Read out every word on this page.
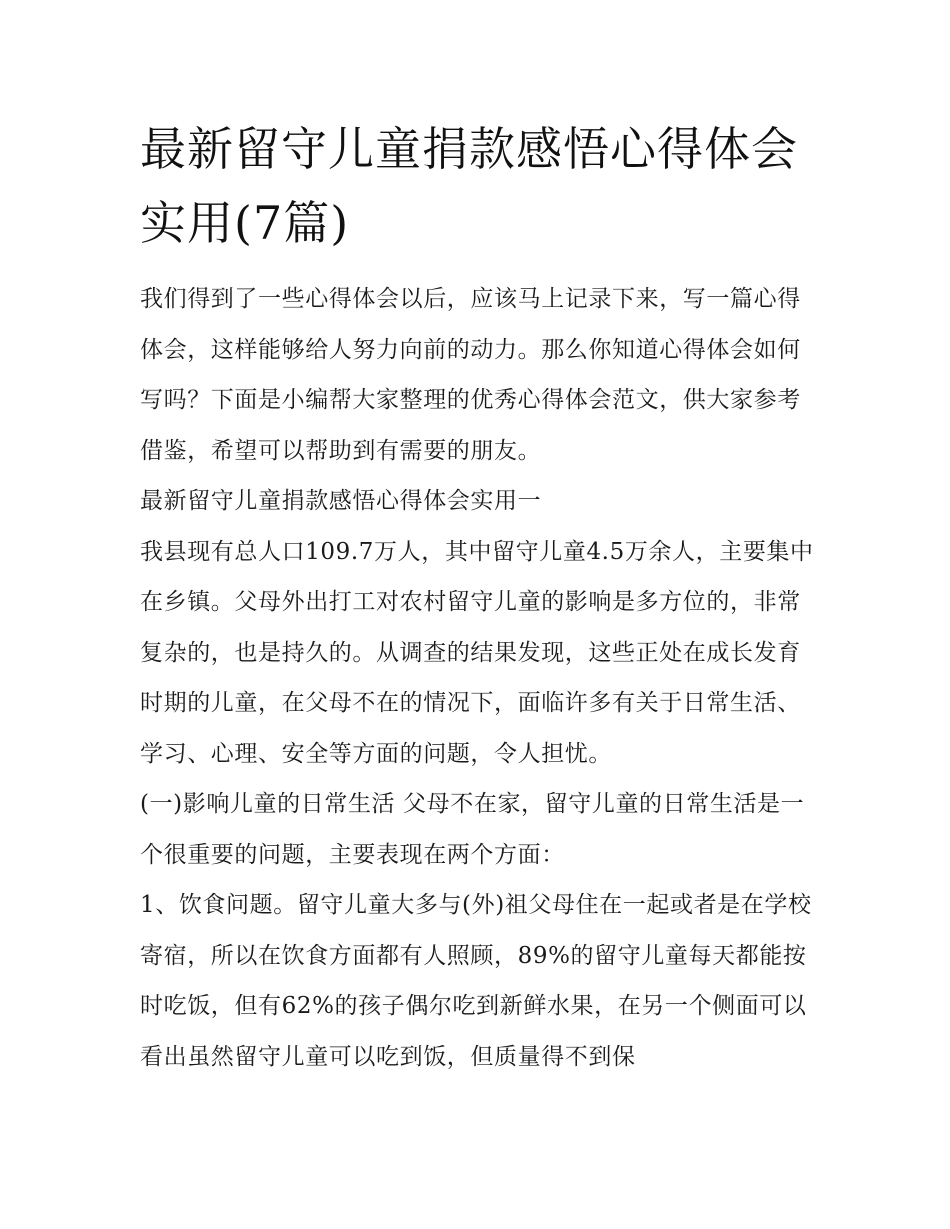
最新留守儿童捐款感悟心得体会实用(7篇)

我们得到了一些心得体会以后，应该马上记录下来，写一篇心得体会，这样能够给人努力向前的动力。那么你知道心得体会如何写吗？下面是小编帮大家整理的优秀心得体会范文，供大家参考借鉴，希望可以帮助到有需要的朋友。

最新留守儿童捐款感悟心得体会实用一

我县现有总人口109.7万人，其中留守儿童4.5万余人，主要集中在乡镇。父母外出打工对农村留守儿童的影响是多方位的，非常复杂的，也是持久的。从调查的结果发现，这些正处在成长发育时期的儿童，在父母不在的情况下，面临许多有关于日常生活、学习、心理、安全等方面的问题，令人担忧。

(一)影响儿童的日常生活 父母不在家，留守儿童的日常生活是一个很重要的问题，主要表现在两个方面：

1、饮食问题。留守儿童大多与(外)祖父母住在一起或者是在学校寄宿，所以在饮食方面都有人照顾，89%的留守儿童每天都能按时吃饭，但有62%的孩子偶尔吃到新鲜水果，在另一个侧面可以看出虽然留守儿童可以吃到饭，但质量得不到保
